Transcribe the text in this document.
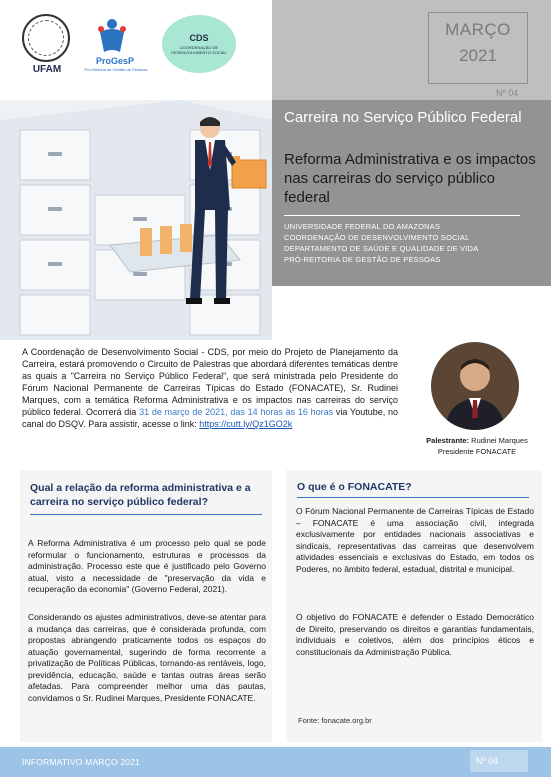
UFAM
ProGesP
Pró-Reitoria de Gestão de Pessoas
CDS
COORDENAÇÃO DE DESENVOLVIMENTO SOCIAL
MARÇO
2021
Nº 04
Carreira no Serviço Público Federal
Reforma Administrativa e os impactos nas carreiras do serviço público federal
UNIVERSIDADE FEDERAL DO AMAZONAS
COORDENAÇÃO DE DESENVOLVIMENTO SOCIAL
DEPARTAMENTO DE SAÚDE E QUALIDADE DE VIDA
PRÓ-REITORIA DE GESTÃO DE PESSOAS
A Coordenação de Desenvolvimento Social - CDS, por meio do Projeto de Planejamento da Carreira, estará promovendo o Circuito de Palestras que abordará diferentes temáticas dentre as quais a "Carreira no Serviço Público Federal", que será ministrada pelo Presidente do Fórum Nacional Permanente de Carreiras Típicas do Estado (FONACATE), Sr. Rudinei Marques, com a temática Reforma Administrativa e os impactos nas carreiras do serviço público federal. Ocorrerá dia 31 de março de 2021, das 14 horas às 16 horas via Youtube, no canal do DSQV. Para assistir, acesse o link: https://cutt.ly/Qz1GO2k
Palestrante: Rudinei Marques
Presidente FONACATE
Qual a relação da reforma administrativa e a carreira no serviço público federal?
A Reforma Administrativa é um processo pelo qual se pode reformular o funcionamento, estruturas e processos da administração. Processo este que é justificado pelo Governo atual, visto a necessidade de "preservação da vida e recuperação da economia" (Governo Federal, 2021).
Considerando os ajustes administrativos, deve-se atentar para a mudança das carreiras, que é considerada profunda, com propostas abrangendo praticamente todos os espaços do atuação governamental, sugerindo de forma recorrente a privatização de Políticas Públicas, tornando-as rentáveis, logo, previdência, educação, saúde e tantas outras áreas serão afetadas. Para compreender melhor uma das pautas, convidamos o Sr. Rudinei Marques, Presidente FONACATE.
O que é o FONACATE?
O Fórum Nacional Permanente de Carreiras Típicas de Estado – FONACATE é uma associação civil, integrada exclusivamente por entidades nacionais associativas e sindicais, representativas das carreiras que desenvolvem atividades essenciais e exclusivas do Estado, em todos os Poderes, no âmbito federal, estadual, distrital e municipal.
O objetivo do FONACATE é defender o Estado Democrático de Direito, preservando os direitos e garantias fundamentais, individuais e coletivos, além dos princípios éticos e constitucionais da Administração Pública.
Fonte: fonacate.org.br
INFORMATIVO MARÇO 2021	Nº 04
